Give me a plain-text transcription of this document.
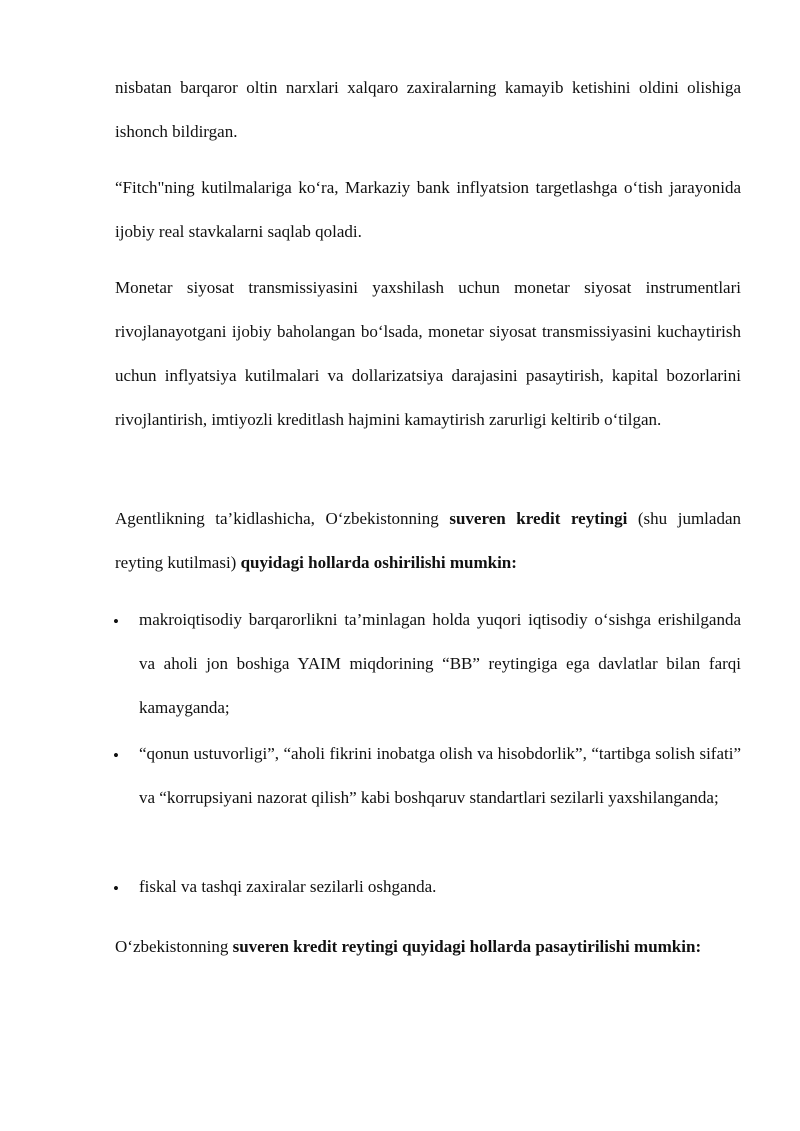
nisbatan barqaror oltin narxlari xalqaro zaxiralarning kamayib ketishini oldini olishiga ishonch bildirgan.

“Fitch"ning kutilmalariga ko‘ra, Markaziy bank inflyatsion targetlashga o‘tish jarayonida ijobiy real stavkalarni saqlab qoladi.

Monetar siyosat transmissiyasini yaxshilash uchun monetar siyosat instrumentlari rivojlanayotgani ijobiy baholangan bo‘lsada, monetar siyosat transmissiyasini kuchaytirish uchun inflyatsiya kutilmalari va dollarizatsiya darajasini pasaytirish, kapital bozorlarini rivojlantirish, imtiyozli kreditlash hajmini kamaytirish zarurligi keltirib o‘tilgan.

Agentlikning ta’kidlashicha, O‘zbekistonning suveren kredit reytingi (shu jumladan reyting kutilmasi) quyidagi hollarda oshirilishi mumkin:

•	makroiqtisodiy barqarorlikni ta’minlagan holda yuqori iqtisodiy o‘sishga erishilganda va aholi jon boshiga YAIM miqdorining “BB” reytingiga ega davlatlar bilan farqi kamayganda;

•	“qonun ustuvorligi”, “aholi fikrini inobatga olish va hisobdorlik”, “tartibga solish sifati” va “korrupsiyani nazorat qilish” kabi boshqaruv standartlari sezilarli yaxshilanganda;

•	fiskal va tashqi zaxiralar sezilarli oshganda.

O‘zbekistonning suveren kredit reytingi quyidagi hollarda pasaytirilishi mumkin:
